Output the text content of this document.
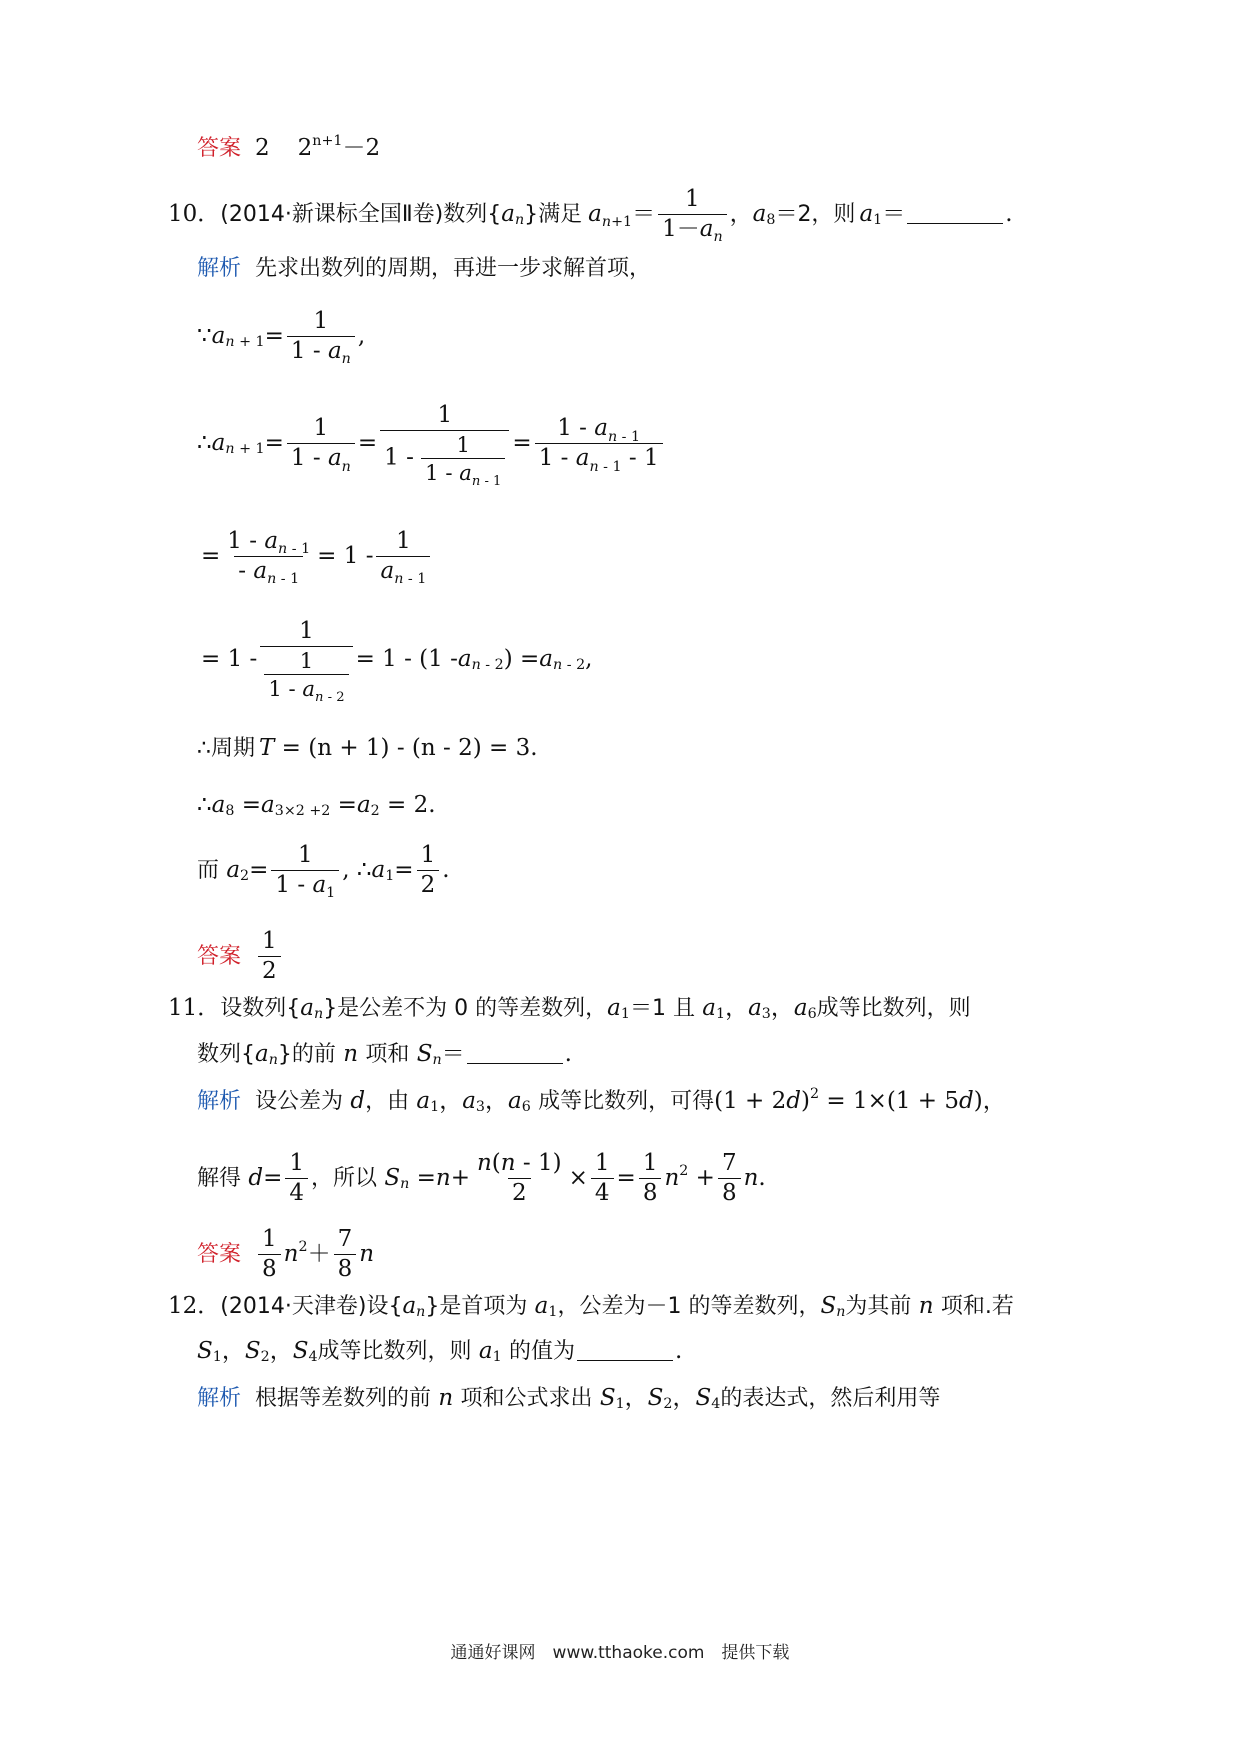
答案 2 2 n+1 －2
10． (2014·新课标全国Ⅱ卷) 数列{ a n }满足 $a_{n+1}= \frac{1}{1-a_n}$ ， a 8 ＝2，则 a 1 ＝	.
解析 先求出数列的周期，再进一步求解首项，
∵ a $n + 1 = \frac{1}{1 - a_n}$ ,
∴ a $n + 1 = \frac{1}{1 - a_n} = \frac{1}{1 - \frac{1}{1 - a_{n - 1}}} = \frac{1 - a_{n - 1}}{1 - a_{n - 1} - 1}$
= $\frac{1 - a_{n - 1}}{- a_{n - 1}} = 1 - \frac{1}{a_{n - 1}}$
= $1 - \frac{1}{\frac{1}{1 - a_{n - 2}}} = 1 - (1 - a$ n - 2 ) = a n - 2 ,
∴周期 T
= (n + 1) - (n - 2) = 3.
∴ a 8 = a 3×2 +2 = a 2 = 2.
而
a $2 = \frac{1}{1 - a_1}$ , ∴ a $1 = \frac{1}{2}$ .
答案 $\frac{1}{2}$
11． 设数列{ a n }是公差不为 0 的等差数列， a 1 ＝1 且
a 1 ， a 3 ， a 6 成等比数列，则
数列{ a n }的前
n
项和
S n ＝	.
解析 设公差为
d ，由
a 1 ， a 3 ， a 6
成等比数列，可得 (1 + 2 d ) 2 = 1×(1 + 5 d )，
解得
$d = \frac{1}{4}$ ，所以
S $n = n + \frac{n(n - 1)}{2} \times \frac{1}{4} = \frac{1}{8}$ n $2 + \frac{7}{8}$ n .
答案 $\frac{1}{8}$ n $2 + \frac{7}{8}$ n
12． (2014·天津卷) 设{ a n }是首项为
a 1 ，公差为－1 的等差数列， S n 为其前
n
项和.若
S 1 ， S 2 ， S 4 成等比数列，则
a 1
的值为	.
解析 根据等差数列的前
n
项和公式求出
S 1 ， S 2 ， S 4 的表达式，然后利用等
通通好课网　www.tthaoke.com　提供下载
